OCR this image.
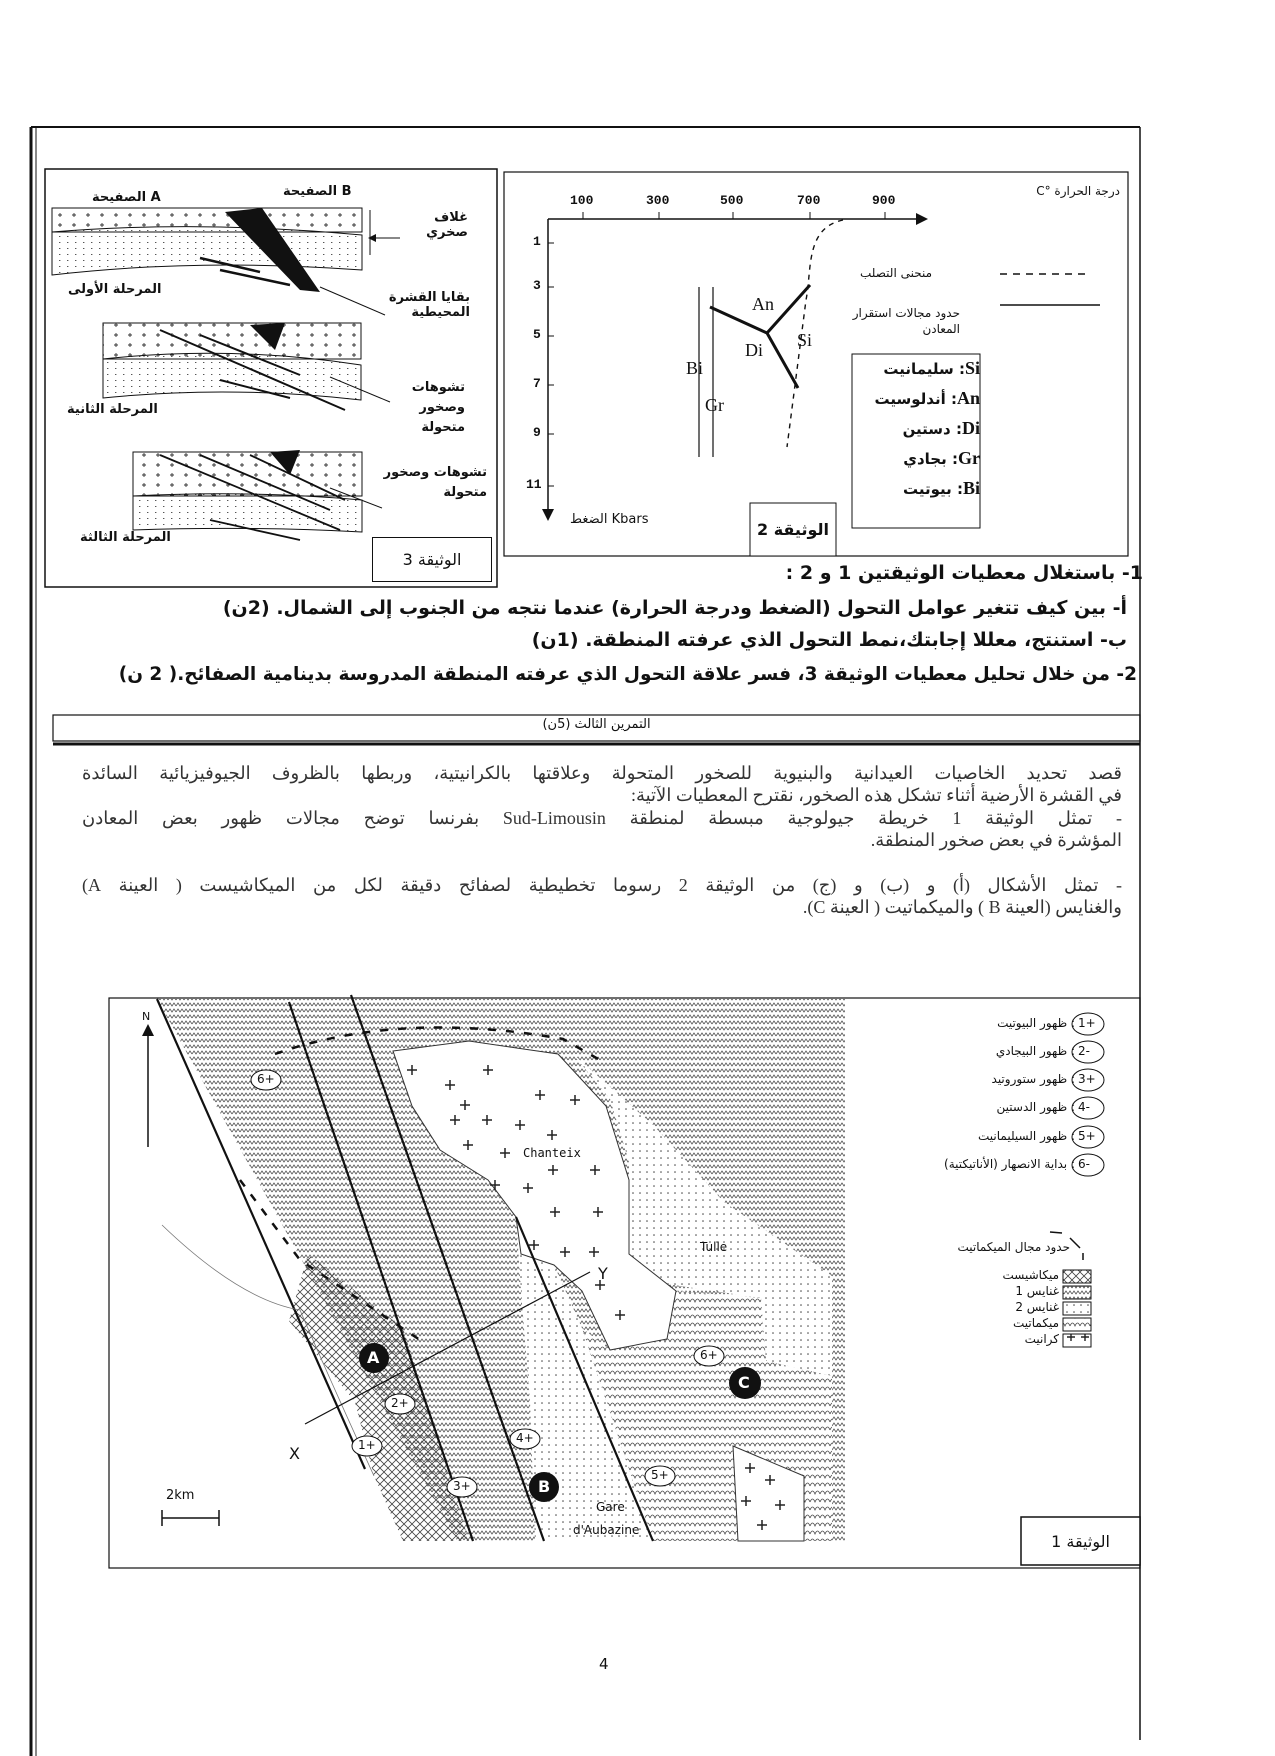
الصفيحة A	الصفيحة B
غلاف صخري
بقايا القشرة المحيطية
المرحلة الأولى
المرحلة الثانية
المرحلة الثالثة
تشوهات وصخور متحولة
تشوهات وصخور متحولة
الوثيقة 3
100	300	500	700	900
1
3
5
7
9
11
درجة الحرارة °C
الضغط Kbars
منحنى التصلب
حدود مجالات استقرار المعادن
An
Di Si
Bi
Gr
Si: سليمانيت
An: أندلوسيت
Di: دستين
Gr: بجادي
Bi: بيوتيت
الوثيقة 2
1- باستغلال معطيات الوثيقتين 1 و 2 :
أ- بين كيف تتغير عوامل التحول (الضغط ودرجة الحرارة) عندما نتجه من الجنوب إلى الشمال. (2ن)
ب- استنتج، معللا إجابتك،نمط التحول الذي عرفته المنطقة. (1ن)
2- من خلال تحليل معطيات الوثيقة 3، فسر علاقة التحول الذي عرفته المنطقة المدروسة بدينامية الصفائح.( 2 ن)
التمرين الثالث (5ن)
قصد تحديد الخاصيات العيدانية والبنيوية للصخور المتحولة وعلاقتها بالكرانيتية، وربطها بالظروف الجيوفيزيائية السائدة
في القشرة الأرضية أثناء تشكل هذه الصخور، نقترح المعطيات الآتية:
- تمثل الوثيقة 1 خريطة جيولوجية مبسطة لمنطقة Sud-Limousin بفرنسا توضح مجالات ظهور بعض المعادن
المؤشرة في بعض صخور المنطقة.
- تمثل الأشكال (أ) و (ب) و (ج) من الوثيقة 2 رسوما تخطيطية لصفائح دقيقة لكل من الميكاشيست ( العينة A)
والغنايس (العينة B ) والميكماتيت ( العينة C).
N
2km
Chanteix
Tulle
Gare
d'Aubazine
X
Y
A
B
C
6+
6+
2+
1+	4+
3+
5+
1+
2-
3+
4-
5+
6-
: ظهور البيوتيت
: ظهور البيجادي
: ظهور ستوروتيد
: ظهور الدستين
: ظهور السيليمانيت
: بداية الانصهار (الأناتيكتية)
حدود مجال الميكماتيت
ميكاشيست
غنايس 1
غنايس 2
ميكماتيت
كرانيت
الوثيقة 1
4
